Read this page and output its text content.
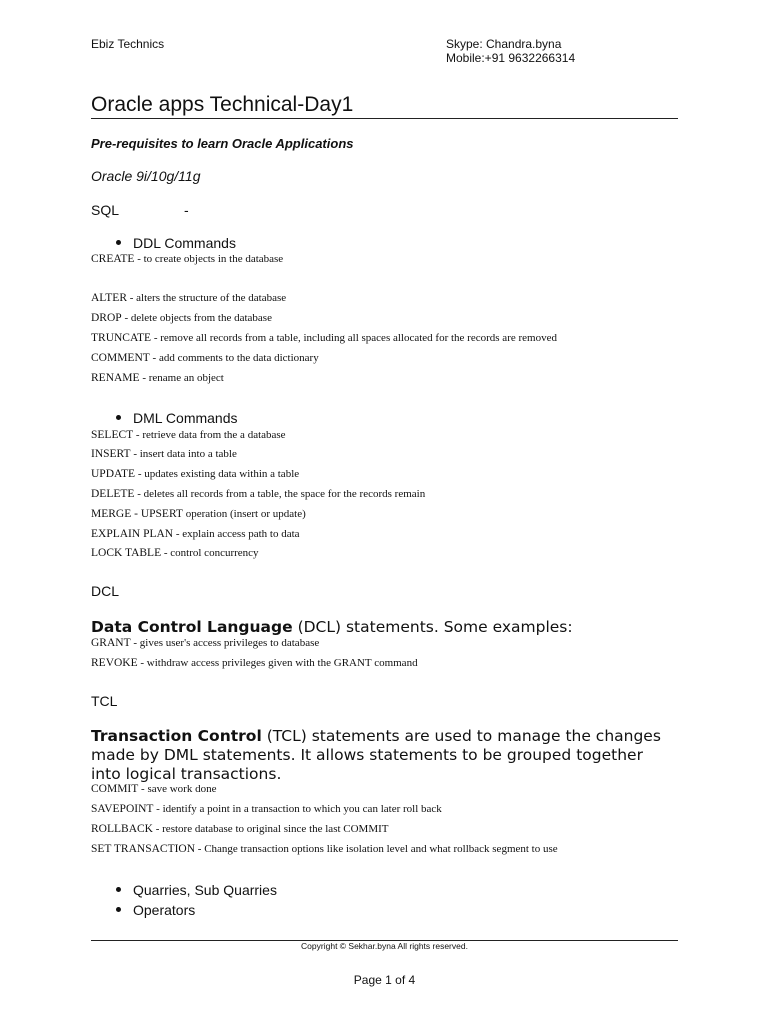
Ebiz Technics	Skype: Chandra.byna
Mobile:+91 9632266314
Oracle apps Technical-Day1
Pre-requisites to learn Oracle Applications
Oracle 9i/10g/11g
SQL	-
DDL Commands
CREATE - to create objects in the database
ALTER - alters the structure of the database
DROP - delete objects from the database
TRUNCATE - remove all records from a table, including all spaces allocated for the records are removed
COMMENT - add comments to the data dictionary
RENAME - rename an object
DML Commands
SELECT - retrieve data from the a database
INSERT - insert data into a table
UPDATE - updates existing data within a table
DELETE - deletes all records from a table, the space for the records remain
MERGE - UPSERT operation (insert or update)
EXPLAIN PLAN - explain access path to data
LOCK TABLE - control concurrency
DCL
Data Control Language (DCL) statements. Some examples:
GRANT - gives user's access privileges to database
REVOKE - withdraw access privileges given with the GRANT command
TCL
Transaction Control (TCL) statements are used to manage the changes made by DML statements. It allows statements to be grouped together into logical transactions.
COMMIT - save work done
SAVEPOINT - identify a point in a transaction to which you can later roll back
ROLLBACK - restore database to original since the last COMMIT
SET TRANSACTION - Change transaction options like isolation level and what rollback segment to use
Quarries, Sub Quarries
Operators
Copyright © Sekhar.byna All rights reserved.
Page 1 of 4
